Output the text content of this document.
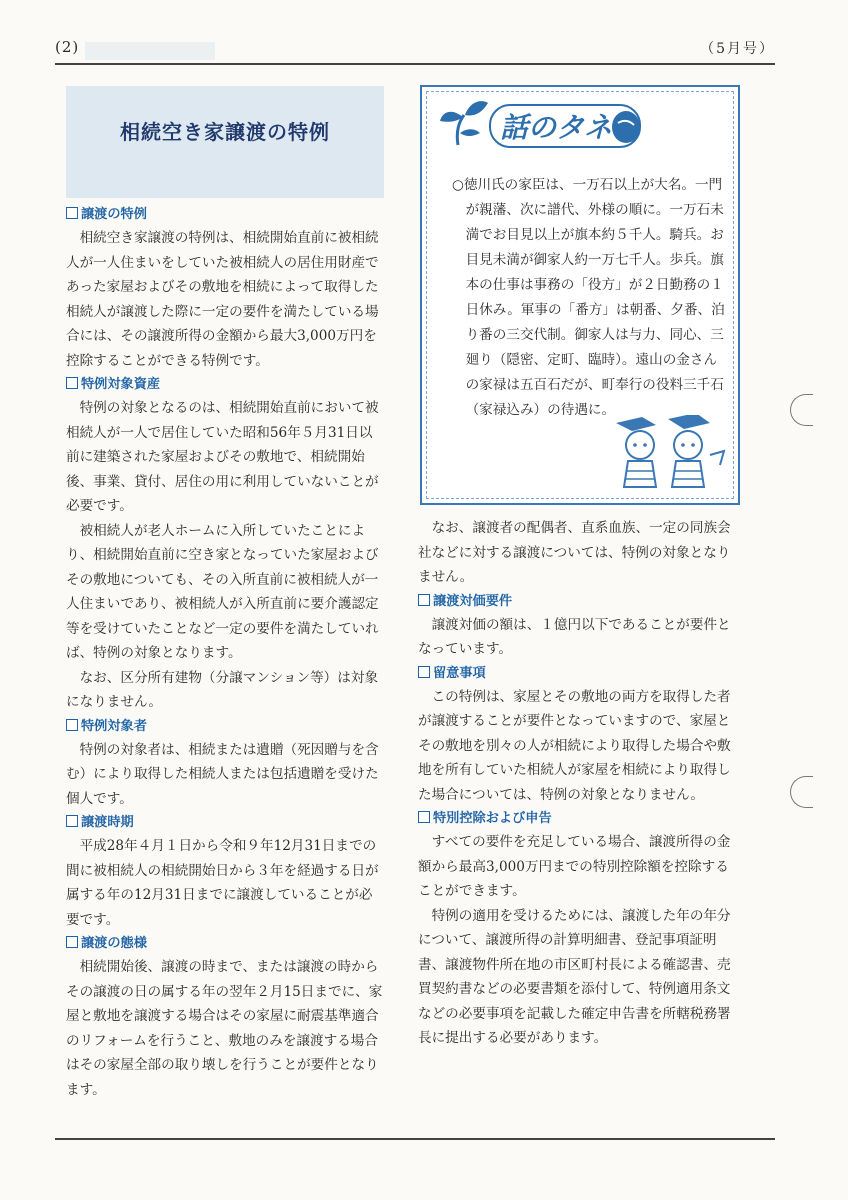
(2)	（5月号）
相続空き家譲渡の特例
譲渡の特例

相続空き家譲渡の特例は、相続開始直前に被相続人が一人住まいをしていた被相続人の居住用財産であった家屋およびその敷地を相続によって取得した相続人が譲渡した際に一定の要件を満たしている場合には、その譲渡所得の金額から最大3,000万円を控除することができる特例です。

特例対象資産

特例の対象となるのは、相続開始直前において被相続人が一人で居住していた昭和56年５月31日以前に建築された家屋およびその敷地で、相続開始後、事業、貸付、居住の用に利用していないことが必要です。

被相続人が老人ホームに入所していたことにより、相続開始直前に空き家となっていた家屋およびその敷地についても、その入所直前に被相続人が一人住まいであり、被相続人が入所直前に要介護認定等を受けていたことなど一定の要件を満たしていれば、特例の対象となります。

なお、区分所有建物（分譲マンション等）は対象になりません。

特例対象者

特例の対象者は、相続または遺贈（死因贈与を含む）により取得した相続人または包括遺贈を受けた個人です。

譲渡時期

平成28年４月１日から令和９年12月31日までの間に被相続人の相続開始日から３年を経過する日が属する年の12月31日までに譲渡していることが必要です。

譲渡の態様

相続開始後、譲渡の時まで、または譲渡の時からその譲渡の日の属する年の翌年２月15日までに、家屋と敷地を譲渡する場合はその家屋に耐震基準適合のリフォームを行うこと、敷地のみを譲渡する場合はその家屋全部の取り壊しを行うことが要件となります。

話のタネ

○徳川氏の家臣は、一万石以上が大名。一門が親藩、次に譜代、外様の順に。一万石未満でお目見以上が旗本約５千人。騎兵。お目見未満が御家人約一万七千人。歩兵。旗本の仕事は事務の「役方」が２日勤務の１日休み。軍事の「番方」は朝番、夕番、泊り番の三交代制。御家人は与力、同心、三廻り（隠密、定町、臨時）。遠山の金さんの家禄は五百石だが、町奉行の役料三千石（家禄込み）の待遇に。

なお、譲渡者の配偶者、直系血族、一定の同族会社などに対する譲渡については、特例の対象となりません。

譲渡対価要件

譲渡対価の額は、１億円以下であることが要件となっています。

留意事項

この特例は、家屋とその敷地の両方を取得した者が譲渡することが要件となっていますので、家屋とその敷地を別々の人が相続により取得した場合や敷地を所有していた相続人が家屋を相続により取得した場合については、特例の対象となりません。

特別控除および申告

すべての要件を充足している場合、譲渡所得の金額から最高3,000万円までの特別控除額を控除することができます。

特例の適用を受けるためには、譲渡した年の年分について、譲渡所得の計算明細書、登記事項証明書、譲渡物件所在地の市区町村長による確認書、売買契約書などの必要書類を添付して、特例適用条文などの必要事項を記載した確定申告書を所轄税務署長に提出する必要があります。
